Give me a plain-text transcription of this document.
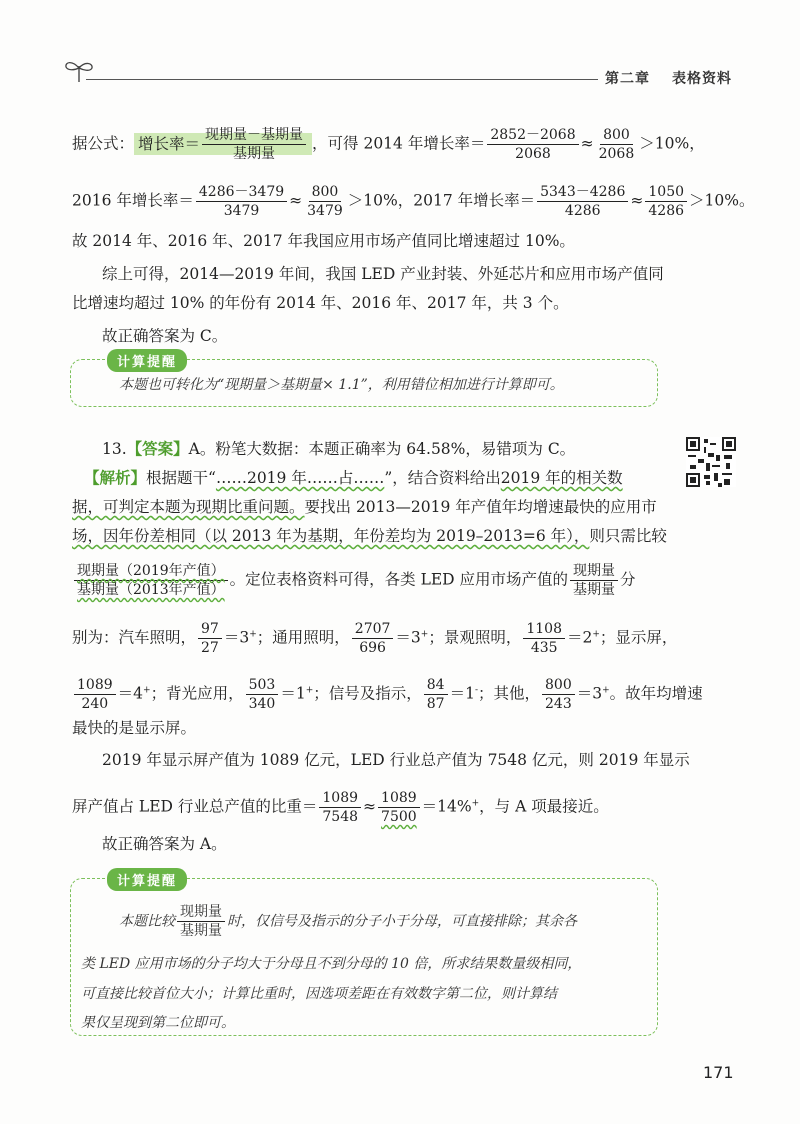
第二章 表格资料
据公式： 增长率＝ $\frac{\text{现期量－基期量}}{\text{基期量}}$ ，可得 2014 年增长率＝ $\frac{2852-2068}{2068} \approx \frac{800}{2068} >10\%$，
2016 年增长率＝ $\frac{4286-3479}{3479} \approx \frac{800}{3479} >10\%$，2017 年增长率＝ $\frac{5343-4286}{4286} \approx \frac{1050}{4286} >10\%$。
故 2014 年、2016 年、2017 年我国应用市场产值同比增速超过 10%。
综上可得，2014—2019 年间，我国 LED 产业封装、外延芯片和应用市场产值同
比增速均超过 10% 的年份有 2014 年、2016 年、2017 年，共 3 个。
故正确答案为 C。
计算提醒
本题也可转化为“现期量＞基期量× 1.1”，利用错位相加进行计算即可。
13.【答案】A。粉笔大数据：本题正确率为 64.58%，易错项为 C。
【解析】根据题干“……2019 年……占……”，结合资料给出2019 年的相关数
据，可判定本题为现期比重问题。要找出 2013—2019 年产值年均增速最快的应用市
场，因年份差相同（以 2013 年为基期，年份差均为 2019–2013=6 年），则只需比较
$\frac{\text{现期量（2019年产值）}}{\text{基期量（2013年产值）}}$ 。定位表格资料可得，各类 LED 应用市场产值的 $\frac{\text{现期量}}{\text{基期量}}$ 分
别为：汽车照明， $\frac{97}{27} =3^+$；通用照明， $\frac{2707}{696} =3^+$；景观照明， $\frac{1108}{435} =2^+$；显示屏，
$\frac{1089}{240} =4^+$；背光应用， $\frac{503}{340} =1^+$；信号及指示， $\frac{84}{87} =1^-$；其他， $\frac{800}{243} =3^+$。故年均增速
最快的是显示屏。
2019 年显示屏产值为 1089 亿元，LED 行业总产值为 7548 亿元，则 2019 年显示
屏产值占 LED 行业总产值的比重＝ $\frac{1089}{7548} \approx \frac{1089}{7500} =14\%^+$，与 A 项最接近。
故正确答案为 A。
计算提醒
本题比较 $\frac{\text{现期量}}{\text{基期量}}$ 时，仅信号及指示的分子小于分母，可直接排除；其余各
类 LED 应用市场的分子均大于分母且不到分母的 10 倍，所求结果数量级相同，
可直接比较首位大小；计算比重时，因选项差距在有效数字第二位，则计算结
果仅呈现到第二位即可。
171
